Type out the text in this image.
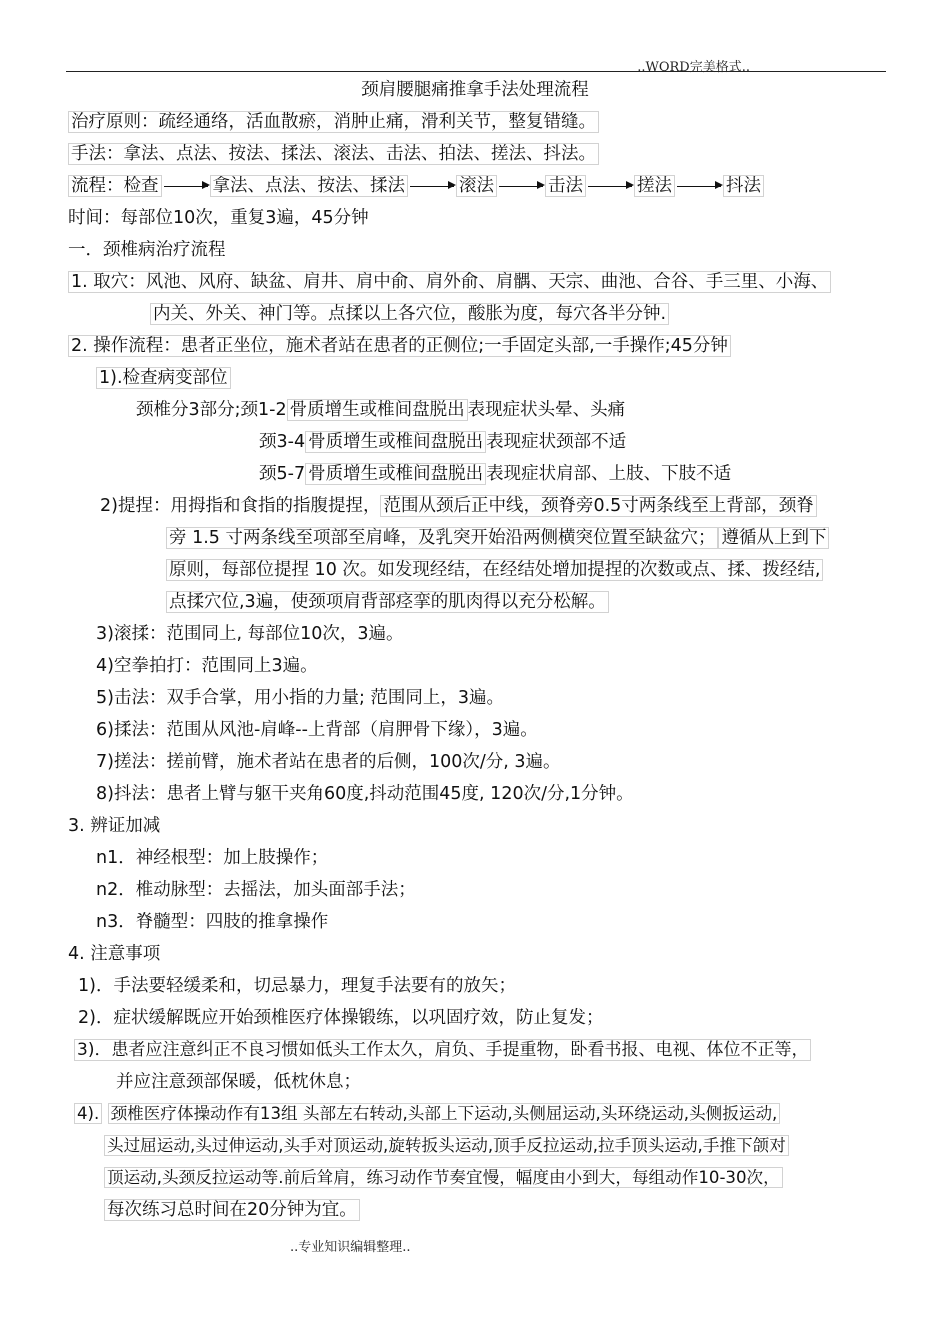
..WORD完美格式..
颈肩腰腿痛推拿手法处理流程
治疗原则：疏经通络，活血散瘀，消肿止痛，滑利关节，整复错缝。
手法：拿法、点法、按法、揉法、滚法、击法、拍法、搓法、抖法。
流程：检查	拿法、点法、按法、揉法	滚法	击法	搓法	抖法
时间：每部位10次，重复3遍，45分钟
一．颈椎病治疗流程
1. 取穴：风池、风府、缺盆、肩井、肩中俞、肩外俞、肩髃、天宗、曲池、合谷、手三里、小海、
内关、外关、神门等。点揉以上各穴位，酸胀为度，每穴各半分钟.
2. 操作流程：患者正坐位，施术者站在患者的正侧位;一手固定头部,一手操作;45分钟
1).检查病变部位
颈椎分3部分;颈1-2 骨质增生或椎间盘脱出 表现症状头晕、头痛
颈3-4 骨质增生或椎间盘脱出 表现症状颈部不适
颈5-7 骨质增生或椎间盘脱出 表现症状肩部、上肢、下肢不适
2)提捏：用拇指和食指的指腹提捏， 范围从颈后正中线，颈脊旁0.5寸两条线至上背部，颈脊
旁 1.5 寸两条线至项部至肩峰，及乳突开始沿两侧横突位置至缺盆穴； 遵循从上到下
原则，每部位提捏 10 次。如发现经结，在经结处增加提捏的次数或点、揉、拨经结,
点揉穴位,3遍，使颈项肩背部痉挛的肌肉得以充分松解。
3)滚揉：范围同上, 每部位10次，3遍。
4)空拳拍打：范围同上3遍。
5)击法：双手合掌，用小指的力量; 范围同上，3遍。
6)揉法：范围从风池-肩峰--上背部（肩胛骨下缘），3遍。
7)搓法：搓前臂，施术者站在患者的后侧，100次/分, 3遍。
8)抖法：患者上臂与躯干夹角60度,抖动范围45度, 120次/分,1分钟。
3. 辨证加减
n1．神经根型：加上肢操作；
n2．椎动脉型：去摇法，加头面部手法；
n3．脊髓型：四肢的推拿操作
4. 注意事项
1)．手法要轻缓柔和，切忌暴力，理复手法要有的放矢；
2)．症状缓解既应开始颈椎医疗体操锻练，以巩固疗效，防止复发；
3)．患者应注意纠正不良习惯如低头工作太久，肩负、手提重物，卧看书报、电视、体位不正等，
并应注意颈部保暖，低枕休息；
4). 颈椎医疗体操动作有13组 头部左右转动,头部上下运动,头侧屈运动,头环绕运动,头侧扳运动,
头过屈运动,头过伸运动,头手对顶运动,旋转扳头运动,顶手反拉运动,拉手顶头运动,手推下颌对
顶运动,头颈反拉运动等.前后耸肩，练习动作节奏宜慢，幅度由小到大，每组动作10-30次，
每次练习总时间在20分钟为宜。
..专业知识编辑整理..
